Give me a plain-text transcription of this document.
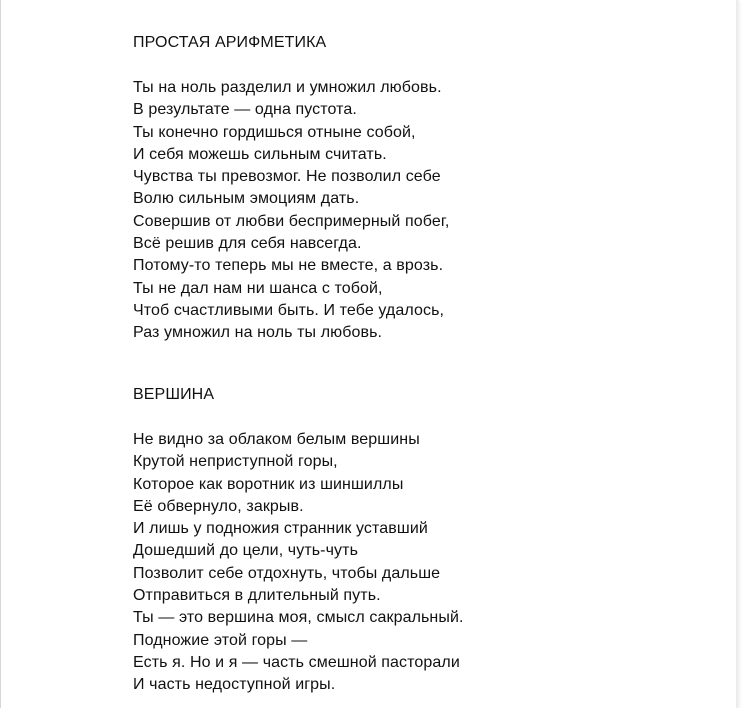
ПРОСТАЯ АРИФМЕТИКА
Ты на ноль разделил и умножил любовь.
В результате — одна пустота.
Ты конечно гордишься отныне собой,
И себя можешь сильным считать.
Чувства ты превозмог. Не позволил себе
Волю сильным эмоциям дать.
Совершив от любви беспримерный побег,
Всё решив для себя навсегда.
Потому-то теперь мы не вместе, а врозь.
Ты не дал нам ни шанса с тобой,
Чтоб счастливыми быть. И тебе удалось,
Раз умножил на ноль ты любовь.
ВЕРШИНА
Не видно за облаком белым вершины
Крутой неприступной горы,
Которое как воротник из шиншиллы
Её обвернуло, закрыв.
И лишь у подножия странник уставший
Дошедший до цели, чуть-чуть
Позволит себе отдохнуть, чтобы дальше
Отправиться в длительный путь.
Ты — это вершина моя, смысл сакральный.
Подножие этой горы —
Есть я. Но и я — часть смешной пасторали
И часть недоступной игры.
